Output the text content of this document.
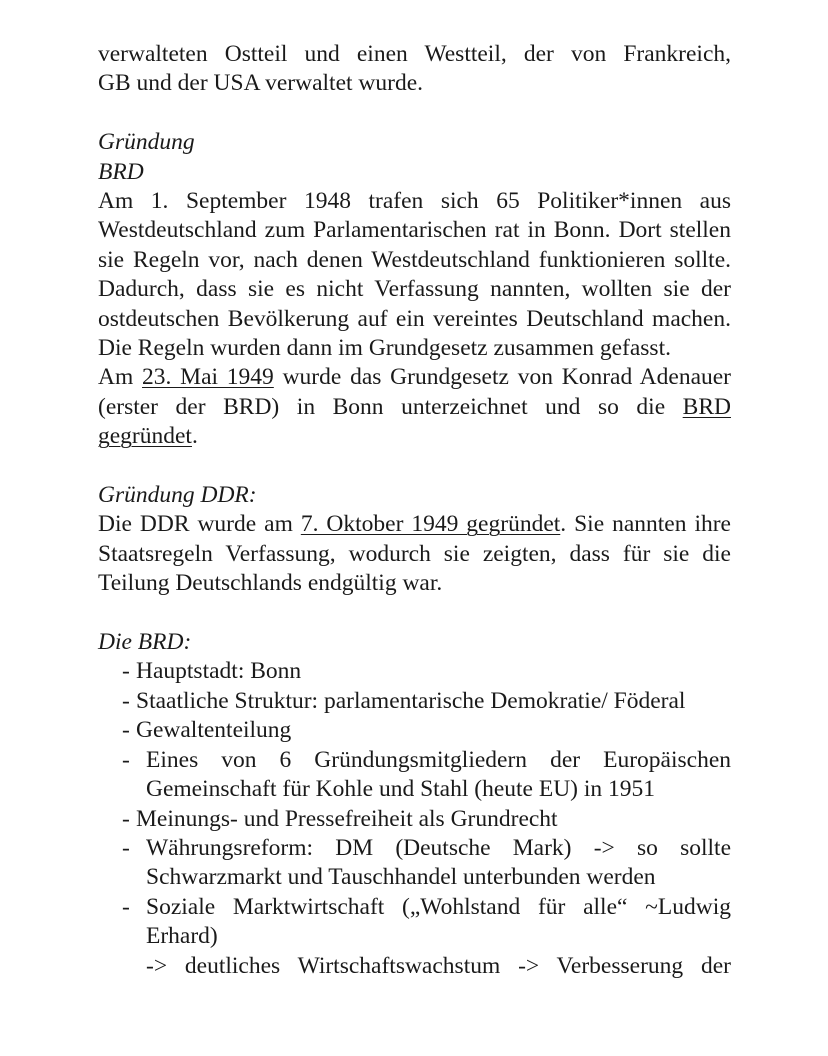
verwalteten Ostteil und einen Westteil, der von Frankreich,

GB und der USA verwaltet wurde.

Gründung

BRD

Am 1. September 1948 trafen sich 65 Politiker*innen aus Westdeutschland zum Parlamentarischen rat in Bonn. Dort stellen sie Regeln vor, nach denen Westdeutschland funktionieren sollte. Dadurch, dass sie es nicht Verfassung nannten, wollten sie der ostdeutschen Bevölkerung auf ein vereintes Deutschland machen. Die Regeln wurden dann im Grundgesetz zusammen gefasst.

Am 23. Mai 1949 wurde das Grundgesetz von Konrad Adenauer (erster der BRD) in Bonn unterzeichnet und so die BRD gegründet.

Gründung DDR:

Die DDR wurde am 7. Oktober 1949 gegründet. Sie nannten ihre Staatsregeln Verfassung, wodurch sie zeigten, dass für sie die Teilung Deutschlands endgültig war.

Die BRD:

- Hauptstadt: Bonn
- Staatliche Struktur: parlamentarische Demokratie/ Föderal
- Gewaltenteilung
- Eines von 6 Gründungsmitgliedern der Europäischen Gemeinschaft für Kohle und Stahl (heute EU) in 1951
- Meinungs- und Pressefreiheit als Grundrecht
- Währungsreform: DM (Deutsche Mark) -> so sollte Schwarzmarkt und Tauschhandel unterbunden werden
- Soziale Marktwirtschaft („Wohlstand für alle“ ~Ludwig Erhard)
-> deutliches Wirtschaftswachstum -> Verbesserung der
